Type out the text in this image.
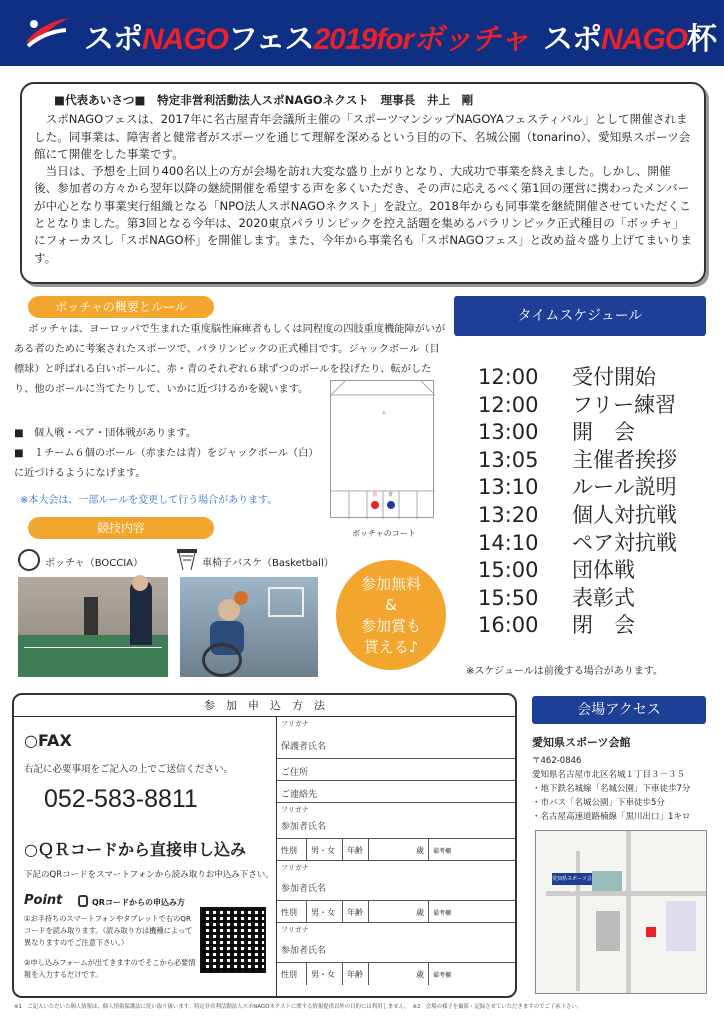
スポNAGOフェス2019forボッチャ スポNAGO杯
■代表あいさつ■　特定非営利活動法人スポNAGOネクスト　理事長　井上　剛

スポNAGOフェスは、2017年に名古屋青年会議所主催の「スポーツマンシップNAGOYAフェスティバル」として開催されました。同事業は、障害者と健常者がスポーツを通じて理解を深めるという目的の下、名城公園（tonarino）、愛知県スポーツ会館にて開催をした事業です。

当日は、予想を上回り400名以上の方が会場を訪れ大変な盛り上がりとなり、大成功で事業を終えました。しかし、開催後、参加者の方々から翌年以降の継続開催を希望する声を多くいただき、その声に応えるべく第1回の運営に携わったメンバーが中心となり事業実行組織となる「NPO法人スポNAGOネクスト」を設立。2018年からも同事業を継続開催させていただくこととなりました。第3回となる今年は、2020東京パラリンピックを控え話題を集めるパラリンピック正式種目の「ボッチャ」にフォーカスし「スポNAGO杯」を開催します。また、今年から事業名も「スポNAGOフェス」と改め益々盛り上げてまいります。

ボッチャの概要とルール
ボッチャは、ヨーロッパで生まれた重度脳性麻痺者もしくは同程度の四肢重度機能障がいがある者のために考案されたスポーツで、パラリンピックの正式種目です。ジャックボール（目標球）と呼ばれる白いボールに、赤・青のそれぞれ６球ずつのボールを投げたり、転がしたり、他のボールに当てたりして、いかに近づけるかを競います。
■　個人戦・ペア・団体戦があります。
■　１チーム６個のボール（赤または青）をジャックボール（白）に近づけるようになげます。
※本大会は、一部ルールを変更して行う場合があります。
+
赤 青
ボッチャのコート
競技内容
ボッチャ（BOCCIA）	車椅子バスケ（Basketball）
参加無料
&
参加賞も
貰える♪
タイムスケジュール
12:00 受付開始
12:00 フリー練習
13:00 開　会
13:05 主催者挨拶
13:10 ルール説明
13:20 個人対抗戦
14:10 ペア対抗戦
15:00 団体戦
15:50 表彰式
16:00 閉　会
※スケジュールは前後する場合があります。
参　加　申　込　方　法
○FAX
右記に必要事項をご記入の上でご送信ください。
052-583-8811
○ＱＲコードから直接申し込み
下記のQRコードをスマートフォンから読み取りお申込み下さい。
Point	QRコードからの申込み方
①お手持ちのスマートフォンやタブレットで右のQRコードを読み取ります。（読み取り方は機種によって異なりますのでご注意下さい。）
②申し込みフォームが出てきますのでそこから必要情報を入力するだけです。
フリガナ
保護者氏名
ご住所
ご連絡先
フリガナ
参加者氏名
性別 男・女 年齢	歳 備考欄
フリガナ
参加者氏名
性別 男・女 年齢	歳 備考欄
フリガナ
参加者氏名
性別 男・女 年齢	歳 備考欄
会場アクセス
愛知県スポーツ会館
〒462-0846
愛知県名古屋市北区名城１丁目３－３５
・地下鉄名城線「名城公園」下車徒歩7分
・市バス「名城公園」下車徒歩5分
・名古屋高速道路楠線「黒川出口」1キロ
愛知県スポーツ会館
※1　ご記入いただいた個人情報は、個人情報保護法に従い取り扱います。特定非営利活動法人スポNAGOネクストに関する情報提供以外の目的には利用しません。　※2　会場の様子を撮影・記録させていただきますのでご了承下さい。
